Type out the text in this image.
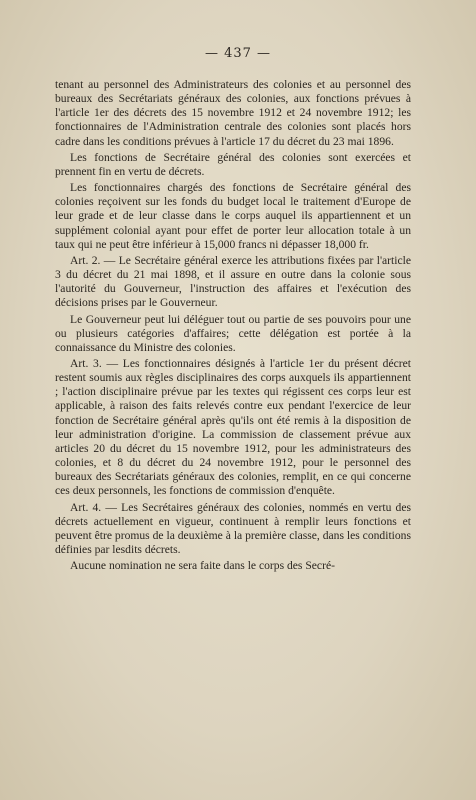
— 437 —

tenant au personnel des Administrateurs des colonies et au personnel des bureaux des Secrétariats généraux des colonies, aux fonctions prévues à l'article 1er des décrets des 15 novembre 1912 et 24 novembre 1912; les fonctionnaires de l'Administration centrale des colonies sont placés hors cadre dans les conditions prévues à l'article 17 du décret du 23 mai 1896.

Les fonctions de Secrétaire général des colonies sont exercées et prennent fin en vertu de décrets.

Les fonctionnaires chargés des fonctions de Secrétaire général des colonies reçoivent sur les fonds du budget local le traitement d'Europe de leur grade et de leur classe dans le corps auquel ils appartiennent et un supplément colonial ayant pour effet de porter leur allocation totale à un taux qui ne peut être inférieur à 15,000 francs ni dépasser 18,000 fr.

Art. 2. — Le Secrétaire général exerce les attributions fixées par l'article 3 du décret du 21 mai 1898, et il assure en outre dans la colonie sous l'autorité du Gouverneur, l'instruction des affaires et l'exécution des décisions prises par le Gouverneur.

Le Gouverneur peut lui déléguer tout ou partie de ses pouvoirs pour une ou plusieurs catégories d'affaires; cette délégation est portée à la connaissance du Ministre des colonies.

Art. 3. — Les fonctionnaires désignés à l'article 1er du présent décret restent soumis aux règles disciplinaires des corps auxquels ils appartiennent ; l'action disciplinaire prévue par les textes qui régissent ces corps leur est applicable, à raison des faits relevés contre eux pendant l'exercice de leur fonction de Secrétaire général après qu'ils ont été remis à la disposition de leur administration d'origine. La commission de classement prévue aux articles 20 du décret du 15 novembre 1912, pour les administrateurs des colonies, et 8 du décret du 24 novembre 1912, pour le personnel des bureaux des Secrétariats généraux des colonies, remplit, en ce qui concerne ces deux personnels, les fonctions de commission d'enquête.

Art. 4. — Les Secrétaires généraux des colonies, nommés en vertu des décrets actuellement en vigueur, continuent à remplir leurs fonctions et peuvent être promus de la deuxième à la première classe, dans les conditions définies par lesdits décrets.

Aucune nomination ne sera faite dans le corps des Secré-
